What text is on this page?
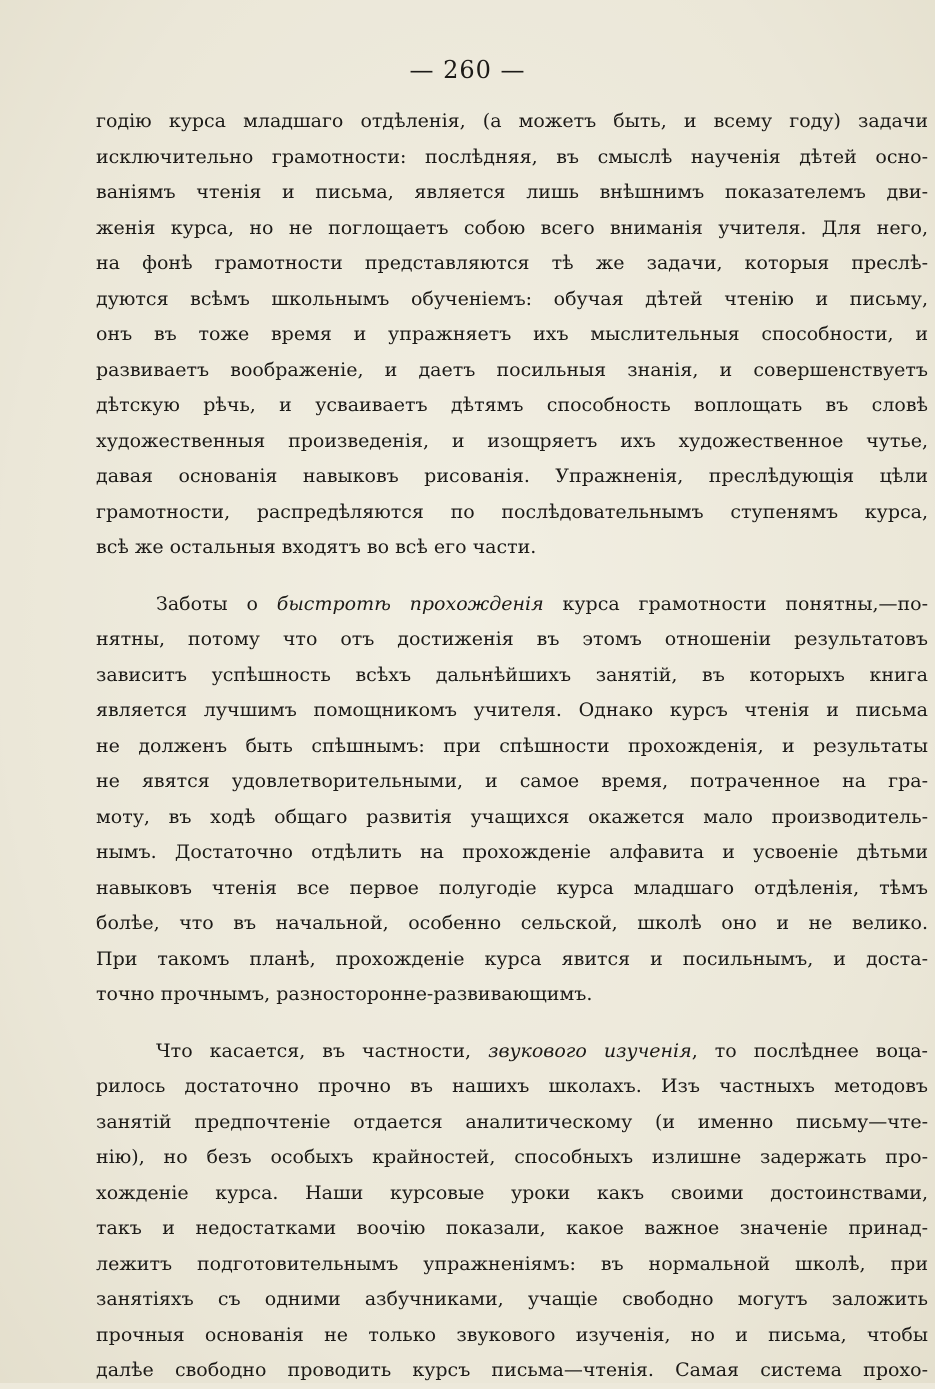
— 260 —
годію курса младшаго отдѣленія, (а можетъ быть, и всему году) задачи
исключительно грамотности: послѣдняя, въ смыслѣ наученія дѣтей осно-
ваніямъ чтенія и письма, является лишь внѣшнимъ показателемъ дви-
женія курса, но не поглощаетъ собою всего вниманія учителя. Для него,
на фонѣ грамотности представляются тѣ же задачи, которыя преслѣ-
дуются всѣмъ школьнымъ обученіемъ: обучая дѣтей чтенію и письму,
онъ въ тоже время и упражняетъ ихъ мыслительныя способности, и
развиваетъ воображеніе, и даетъ посильныя знанія, и совершенствуетъ
дѣтскую рѣчь, и усваиваетъ дѣтямъ способность воплощать въ словѣ
художественныя произведенія, и изощряетъ ихъ художественное чутье,
давая основанія навыковъ рисованія. Упражненія, преслѣдующія цѣли
грамотности, распредѣляются по послѣдовательнымъ ступенямъ курса,
всѣ же остальныя входятъ во всѣ его части.
Заботы о быстротѣ прохожденія курса грамотности понятны,—по-
нятны, потому что отъ достиженія въ этомъ отношеніи результатовъ
зависитъ успѣшность всѣхъ дальнѣйшихъ занятій, въ которыхъ книга
является лучшимъ помощникомъ учителя. Однако курсъ чтенія и письма
не долженъ быть спѣшнымъ: при спѣшности прохожденія, и результаты
не явятся удовлетворительными, и самое время, потраченное на гра-
моту, въ ходѣ общаго развитія учащихся окажется мало производитель-
нымъ. Достаточно отдѣлить на прохожденіе алфавита и усвоеніе дѣтьми
навыковъ чтенія все первое полугодіе курса младшаго отдѣленія, тѣмъ
болѣе, что въ начальной, особенно сельской, школѣ оно и не велико.
При такомъ планѣ, прохожденіе курса явится и посильнымъ, и доста-
точно прочнымъ, разносторонне-развивающимъ.
Что касается, въ частности, звукового изученія, то послѣднее воца-
рилось достаточно прочно въ нашихъ школахъ. Изъ частныхъ методовъ
занятій предпочтеніе отдается аналитическому (и именно письму—чте-
нію), но безъ особыхъ крайностей, способныхъ излишне задержать про-
хожденіе курса. Наши курсовые уроки какъ своими достоинствами,
такъ и недостатками воочію показали, какое важное значеніе принад-
лежитъ подготовительнымъ упражненіямъ: въ нормальной школѣ, при
занятіяхъ съ одними азбучниками, учащіе свободно могутъ заложить
прочныя основанія не только звукового изученія, но и письма, чтобы
далѣе свободно проводить курсъ письма—чтенія. Самая система прохо-
